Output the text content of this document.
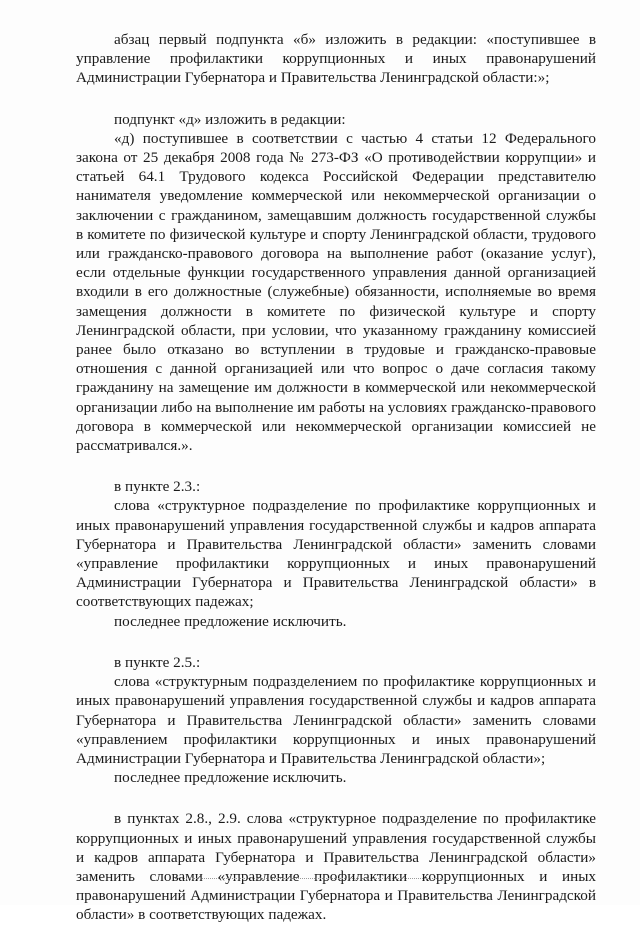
абзац первый подпункта «б» изложить в редакции: «поступившее в управление профилактики коррупционных и иных правонарушений Администрации Губернатора и Правительства Ленинградской области:»;

подпункт «д» изложить в редакции:

«д) поступившее в соответствии с частью 4 статьи 12 Федерального закона от 25 декабря 2008 года № 273-ФЗ «О противодействии коррупции» и статьей 64.1 Трудового кодекса Российской Федерации представителю нанимателя уведомление коммерческой или некоммерческой организации о заключении с гражданином, замещавшим должность государственной службы в комитете по физической культуре и спорту Ленинградской области, трудового или гражданско-правового договора на выполнение работ (оказание услуг), если отдельные функции государственного управления данной организацией входили в его должностные (служебные) обязанности, исполняемые во время замещения должности в комитете по физической культуре и спорту Ленинградской области, при условии, что указанному гражданину комиссией ранее было отказано во вступлении в трудовые и гражданско-правовые отношения с данной организацией или что вопрос о даче согласия такому гражданину на замещение им должности в коммерческой или некоммерческой организации либо на выполнение им работы на условиях гражданско-правового договора в коммерческой или некоммерческой организации комиссией не рассматривался.».

в пункте 2.3.:

слова «структурное подразделение по профилактике коррупционных и иных правонарушений управления государственной службы и кадров аппарата Губернатора и Правительства Ленинградской области» заменить словами «управление профилактики коррупционных и иных правонарушений Администрации Губернатора и Правительства Ленинградской области» в соответствующих падежах;

последнее предложение исключить.

в пункте 2.5.:

слова «структурным подразделением по профилактике коррупционных и иных правонарушений управления государственной службы и кадров аппарата Губернатора и Правительства Ленинградской области» заменить словами «управлением профилактики коррупционных и иных правонарушений Администрации Губернатора и Правительства Ленинградской области»;

последнее предложение исключить.

в пунктах 2.8., 2.9. слова «структурное подразделение по профилактике коррупционных и иных правонарушений управления государственной службы и кадров аппарата Губернатора и Правительства Ленинградской области» заменить словами «управление профилактики коррупционных и иных правонарушений Администрации Губернатора и Правительства Ленинградской области» в соответствующих падежах.
